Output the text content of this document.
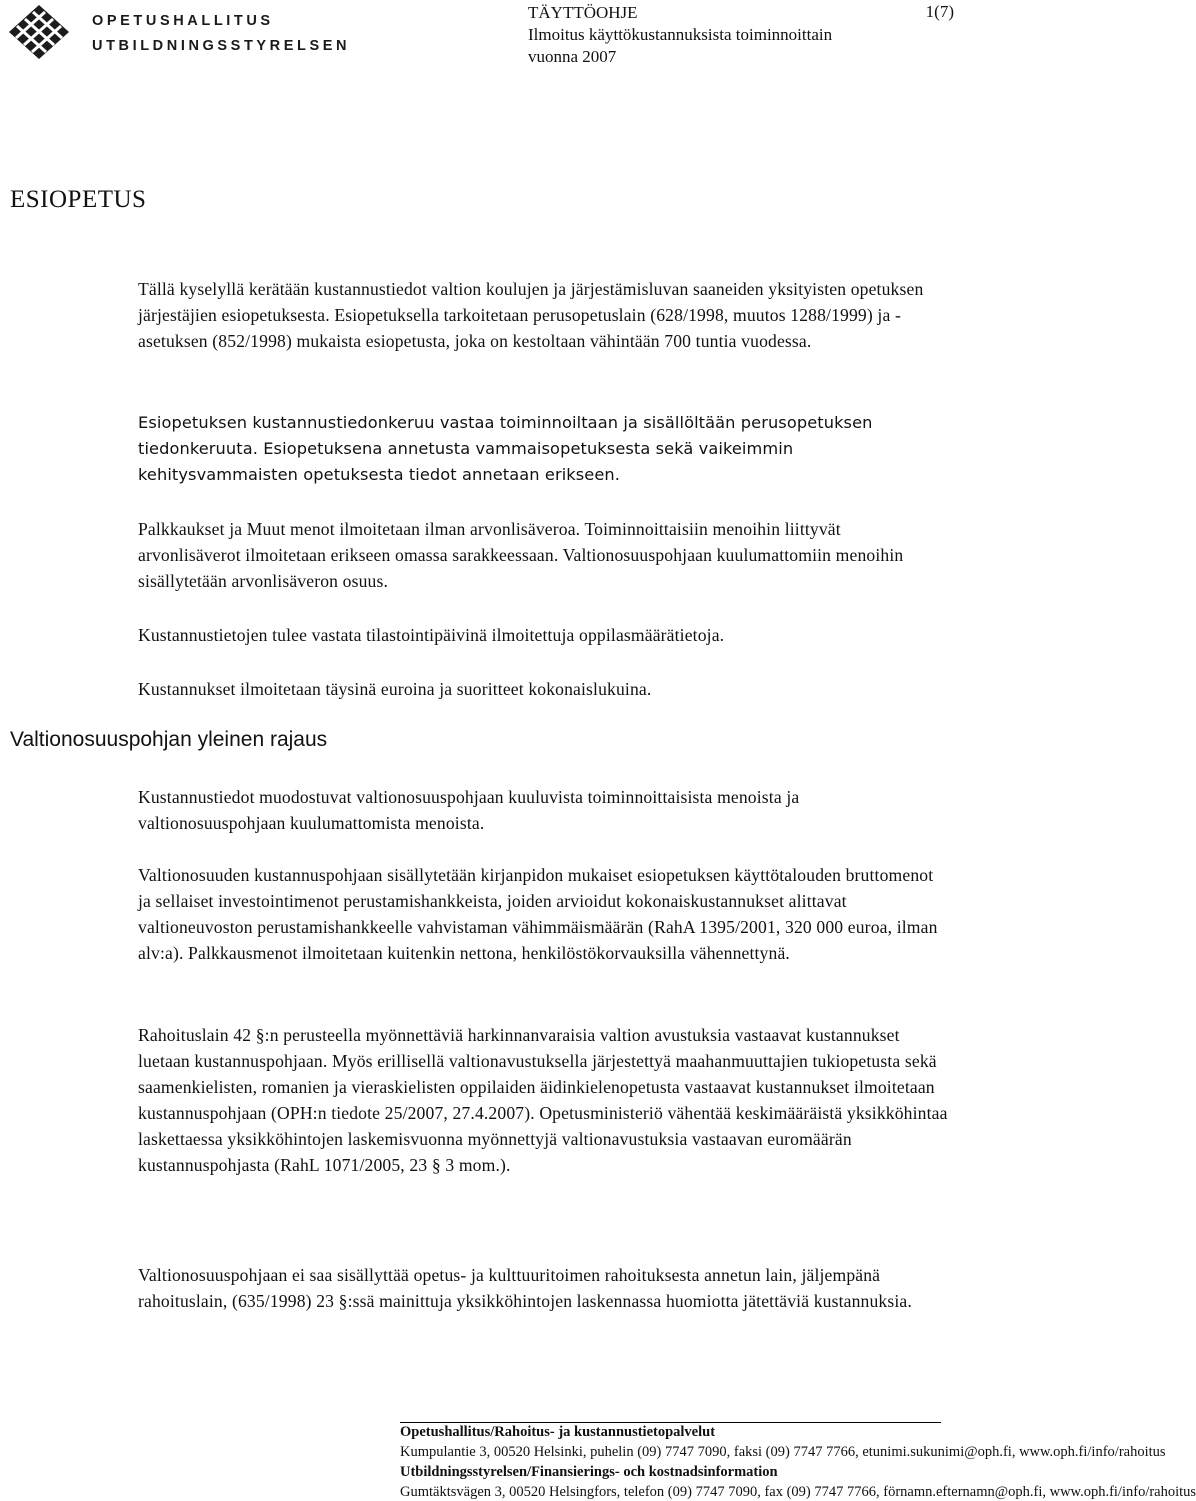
OPETUSHALLITUS
UTBILDNINGSSTYRELSEN
TÄYTTÖOHJE
Ilmoitus käyttökustannuksista toiminnoittain
vuonna 2007
1(7)
ESIOPETUS

Tällä kyselyllä kerätään kustannustiedot valtion koulujen ja järjestämisluvan saaneiden yksityisten opetuksen järjestäjien esiopetuksesta. Esiopetuksella tarkoitetaan perusopetuslain (628/1998, muutos 1288/1999) ja -asetuksen (852/1998) mukaista esiopetusta, joka on kestoltaan vähintään 700 tuntia vuodessa.

Esiopetuksen kustannustiedonkeruu vastaa toiminnoiltaan ja sisällöltään perusopetuksen tiedonkeruuta. Esiopetuksena annetusta vammaisopetuksesta sekä vaikeimmin kehitysvammaisten opetuksesta tiedot annetaan erikseen.

Palkkaukset ja Muut menot ilmoitetaan ilman arvonlisäveroa. Toiminnoittaisiin menoihin liittyvät arvonlisäverot ilmoitetaan erikseen omassa sarakkeessaan. Valtionosuuspohjaan kuulumattomiin menoihin sisällytetään arvonlisäveron osuus.

Kustannustietojen tulee vastata tilastointipäivinä ilmoitettuja oppilasmäärätietoja.

Kustannukset ilmoitetaan täysinä euroina ja suoritteet kokonaislukuina.

Valtionosuuspohjan yleinen rajaus

Kustannustiedot muodostuvat valtionosuuspohjaan kuuluvista toiminnoittaisista menoista ja valtionosuuspohjaan kuulumattomista menoista.

Valtionosuuden kustannuspohjaan sisällytetään kirjanpidon mukaiset esiopetuksen käyttötalouden bruttomenot ja sellaiset investointimenot perustamishankkeista, joiden arvioidut kokonaiskustannukset alittavat valtioneuvoston perustamishankkeelle vahvistaman vähimmäismäärän (RahA 1395/2001, 320 000 euroa, ilman alv:a). Palkkausmenot ilmoitetaan kuitenkin nettona, henkilöstökorvauksilla vähennettynä.

Rahoituslain 42 §:n perusteella myönnettäviä harkinnanvaraisia valtion avustuksia vastaavat kustannukset luetaan kustannuspohjaan. Myös erillisellä valtionavustuksella järjestettyä maahanmuuttajien tukiopetusta sekä saamenkielisten, romanien ja vieraskielisten oppilaiden äidinkielenopetusta vastaavat kustannukset ilmoitetaan kustannuspohjaan (OPH:n tiedote 25/2007, 27.4.2007). Opetusministeriö vähentää keskimääräistä yksikköhintaa laskettaessa yksikköhintojen laskemisvuonna myönnettyjä valtionavustuksia vastaavan euromäärän kustannuspohjasta (RahL 1071/2005, 23 § 3 mom.).

Valtionosuuspohjaan ei saa sisällyttää opetus- ja kulttuuritoimen rahoituksesta annetun lain, jäljempänä rahoituslain, (635/1998) 23 §:ssä mainittuja yksikköhintojen laskennassa huomiotta jätettäviä kustannuksia.

Opetushallitus/Rahoitus- ja kustannustietopalvelut
Kumpulantie 3, 00520 Helsinki, puhelin (09) 7747 7090, faksi (09) 7747 7766, etunimi.sukunimi@oph.fi, www.oph.fi/info/rahoitus
Utbildningsstyrelsen/Finansierings- och kostnadsinformation
Gumtäktsvägen 3, 00520 Helsingfors, telefon (09) 7747 7090, fax (09) 7747 7766, förnamn.efternamn@oph.fi, www.oph.fi/info/rahoitus
